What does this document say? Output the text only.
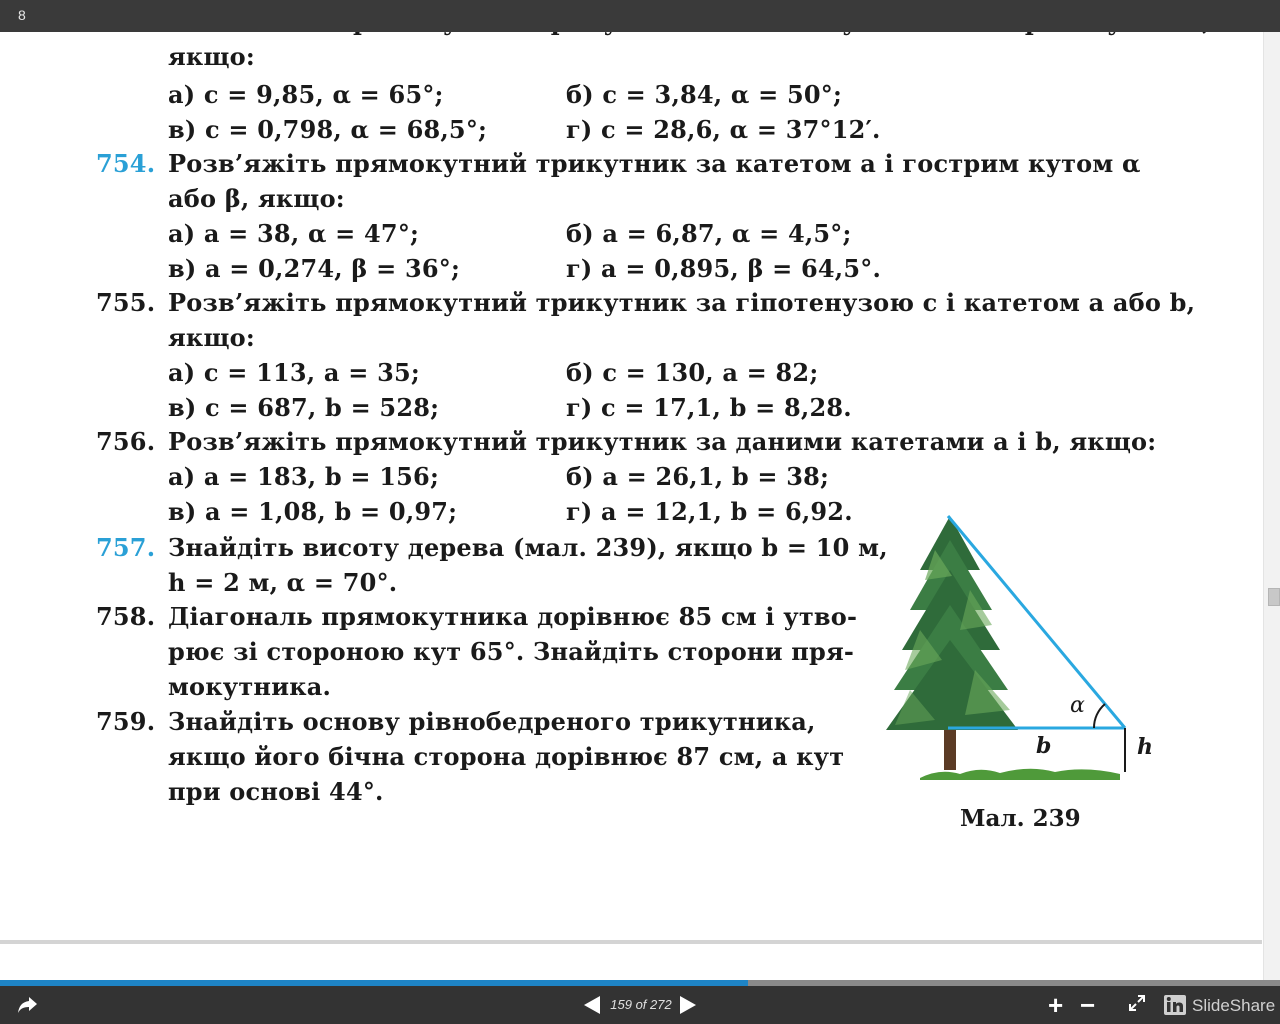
якщо:
а) c = 9,85, α = 65°;	б) c = 3,84, α = 50°;
в) c = 0,798, α = 68,5°;	г) c = 28,6, α = 37°12′.
754. Розв’яжіть прямокутний трикутник за катетом a і гострим кутом α
або β, якщо:
а) a = 38, α = 47°;	б) a = 6,87, α = 4,5°;
в) a = 0,274, β = 36°;	г) a = 0,895, β = 64,5°.
755. Розв’яжіть прямокутний трикутник за гіпотенузою c і катетом a або b,
якщо:
а) c = 113, a = 35;	б) c = 130, a = 82;
в) c = 687, b = 528;	г) c = 17,1, b = 8,28.
756. Розв’яжіть прямокутний трикутник за даними катетами a і b, якщо:
а) a = 183, b = 156;	б) a = 26,1, b = 38;
в) a = 1,08, b = 0,97;	г) a = 12,1, b = 6,92.
757. Знайдіть висоту дерева (мал. 239), якщо b = 10 м,
h = 2 м, α = 70°.
758. Діагональ прямокутника дорівнює 85 см і утво-
рює зі стороною кут 65°. Знайдіть сторони пря-
мокутника.
759. Знайдіть основу рівнобедреного трикутника,
якщо його бічна сторона дорівнює 87 см, а кут
при основі 44°.
α
b	h
Мал. 239
8
159 of 272	+ −	SlideShare
